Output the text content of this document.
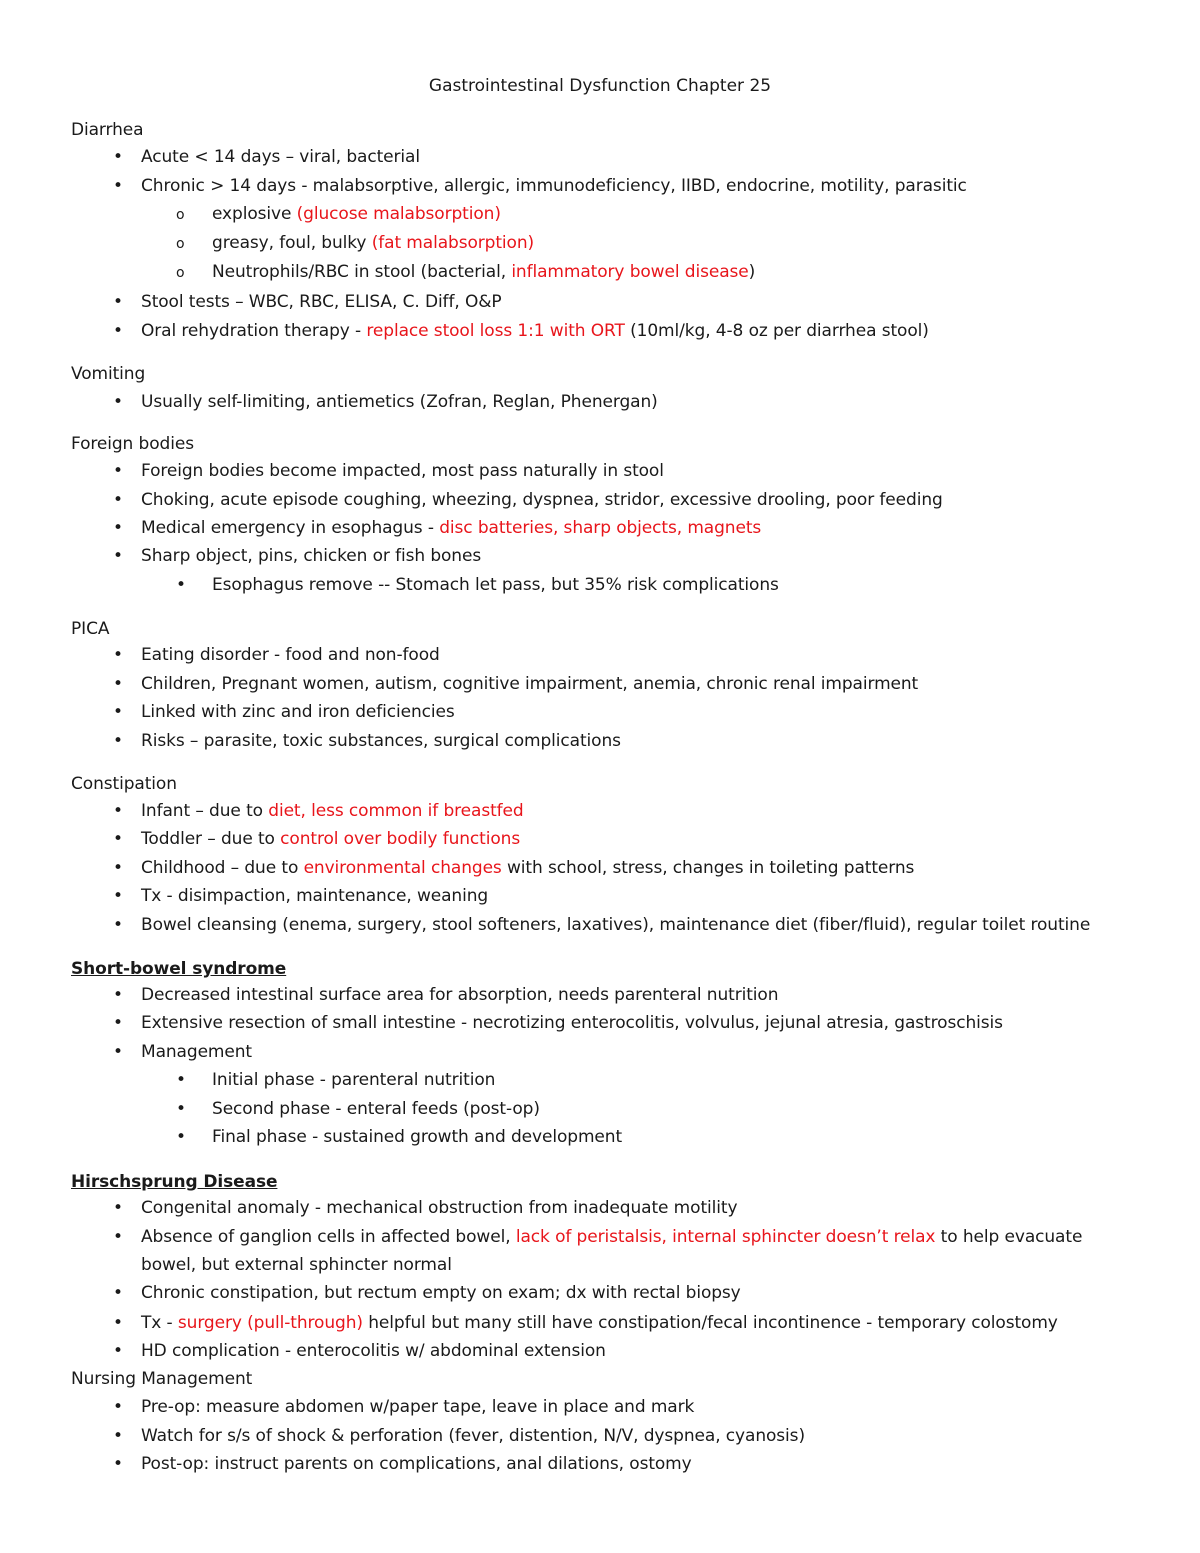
Gastrointestinal Dysfunction Chapter 25
Diarrhea
• Acute < 14 days – viral, bacterial
• Chronic > 14 days - malabsorptive, allergic, immunodeficiency, IIBD, endocrine, motility, parasitic
o explosive (glucose malabsorption)
o greasy, foul, bulky (fat malabsorption)
o Neutrophils/RBC in stool (bacterial, inflammatory bowel disease)
• Stool tests – WBC, RBC, ELISA, C. Diff, O&P
• Oral rehydration therapy - replace stool loss 1:1 with ORT (10ml/kg, 4-8 oz per diarrhea stool)
Vomiting
• Usually self-limiting, antiemetics (Zofran, Reglan, Phenergan)
Foreign bodies
• Foreign bodies become impacted, most pass naturally in stool
• Choking, acute episode coughing, wheezing, dyspnea, stridor, excessive drooling, poor feeding
• Medical emergency in esophagus - disc batteries, sharp objects, magnets
• Sharp object, pins, chicken or fish bones
• Esophagus remove -- Stomach let pass, but 35% risk complications
PICA
• Eating disorder - food and non-food
• Children, Pregnant women, autism, cognitive impairment, anemia, chronic renal impairment
• Linked with zinc and iron deficiencies
• Risks – parasite, toxic substances, surgical complications
Constipation
• Infant – due to diet, less common if breastfed
• Toddler – due to control over bodily functions
• Childhood – due to environmental changes with school, stress, changes in toileting patterns
• Tx - disimpaction, maintenance, weaning
• Bowel cleansing (enema, surgery, stool softeners, laxatives), maintenance diet (fiber/fluid), regular toilet routine
Short-bowel syndrome
• Decreased intestinal surface area for absorption, needs parenteral nutrition
• Extensive resection of small intestine - necrotizing enterocolitis, volvulus, jejunal atresia, gastroschisis
• Management
• Initial phase - parenteral nutrition
• Second phase - enteral feeds (post-op)
• Final phase - sustained growth and development
Hirschsprung Disease
• Congenital anomaly - mechanical obstruction from inadequate motility
• Absence of ganglion cells in affected bowel, lack of peristalsis, internal sphincter doesn’t relax to help evacuate
bowel, but external sphincter normal
• Chronic constipation, but rectum empty on exam; dx with rectal biopsy
• Tx - surgery (pull-through) helpful but many still have constipation/fecal incontinence - temporary colostomy
• HD complication - enterocolitis w/ abdominal extension
Nursing Management
• Pre-op: measure abdomen w/paper tape, leave in place and mark
• Watch for s/s of shock & perforation (fever, distention, N/V, dyspnea, cyanosis)
• Post-op: instruct parents on complications, anal dilations, ostomy
